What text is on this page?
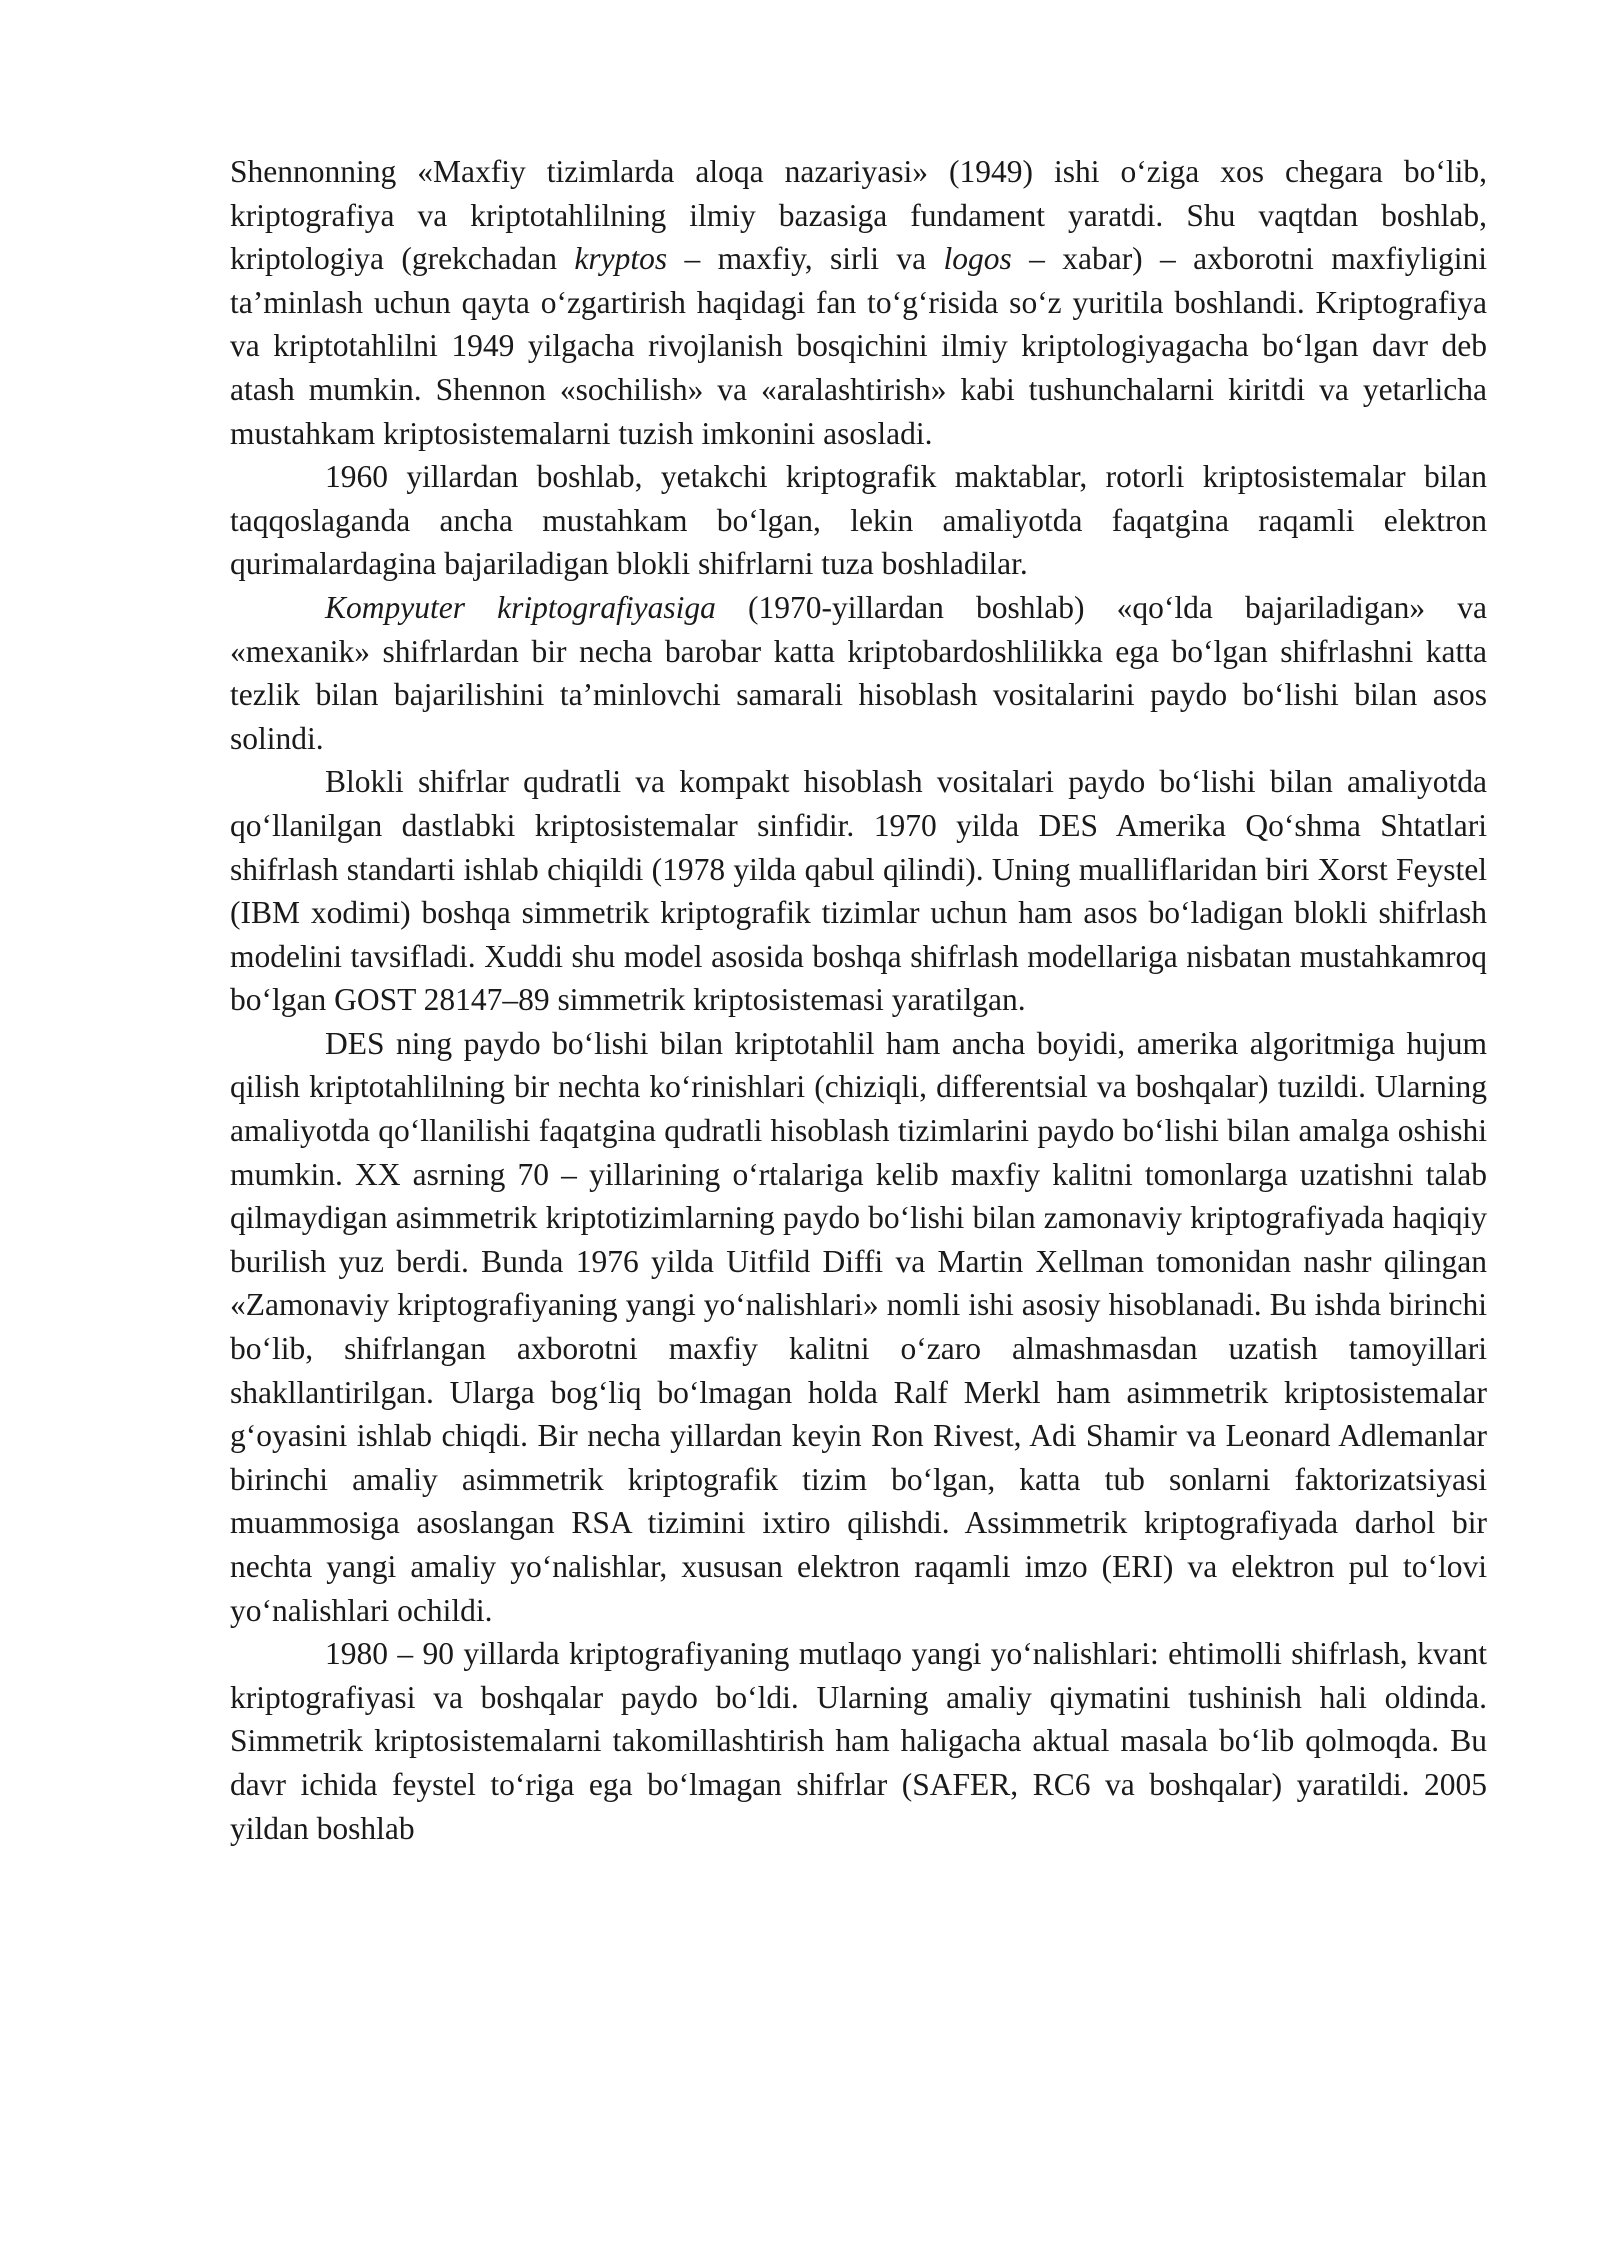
Shennonning «Maxfiy tizimlarda aloqa nazariyasi» (1949) ishi o‘ziga xos chegara bo‘lib, kriptografiya va kriptotahlilning ilmiy bazasiga fundament yaratdi. Shu vaqtdan boshlab, kriptologiya (grekchadan kryptos – maxfiy, sirli va logos – xabar) – axborotni maxfiyligini ta’minlash uchun qayta o‘zgartirish haqidagi fan to‘g‘risida so‘z yuritila boshlandi. Kriptografiya va kriptotahlilni 1949 yilgacha rivojlanish bosqichini ilmiy kriptologiyagacha bo‘lgan davr deb atash mumkin. Shennon «sochilish» va «aralashtirish» kabi tushunchalarni kiritdi va yetarlicha mustahkam kriptosistemalarni tuzish imkonini asosladi.

1960 yillardan boshlab, yetakchi kriptografik maktablar, rotorli kriptosistemalar bilan taqqoslaganda ancha mustahkam bo‘lgan, lekin amaliyotda faqatgina raqamli elektron qurimalardagina bajariladigan blokli shifrlarni tuza boshladilar.

Kompyuter kriptografiyasiga (1970-yillardan boshlab) «qo‘lda bajariladigan» va «mexanik» shifrlardan bir necha barobar katta kriptobardoshlilikka ega bo‘lgan shifrlashni katta tezlik bilan bajarilishini ta’minlovchi samarali hisoblash vositalarini paydo bo‘lishi bilan asos solindi.

Blokli shifrlar qudratli va kompakt hisoblash vositalari paydo bo‘lishi bilan amaliyotda qo‘llanilgan dastlabki kriptosistemalar sinfidir. 1970 yilda DES Amerika Qo‘shma Shtatlari shifrlash standarti ishlab chiqildi (1978 yilda qabul qilindi). Uning mualliflaridan biri Xorst Feystel (IBM xodimi) boshqa simmetrik kriptografik tizimlar uchun ham asos bo‘ladigan blokli shifrlash modelini tavsifladi. Xuddi shu model asosida boshqa shifrlash modellariga nisbatan mustahkamroq bo‘lgan GOST 28147–89 simmetrik kriptosistemasi yaratilgan.

DES ning paydo bo‘lishi bilan kriptotahlil ham ancha boyidi, amerika algoritmiga hujum qilish kriptotahlilning bir nechta ko‘rinishlari (chiziqli, differentsial va boshqalar) tuzildi. Ularning amaliyotda qo‘llanilishi faqatgina qudratli hisoblash tizimlarini paydo bo‘lishi bilan amalga oshishi mumkin. XX asrning 70 – yillarining o‘rtalariga kelib maxfiy kalitni tomonlarga uzatishni talab qilmaydigan asimmetrik kriptotizimlarning paydo bo‘lishi bilan zamonaviy kriptografiyada haqiqiy burilish yuz berdi. Bunda 1976 yilda Uitfild Diffi va Martin Xellman tomonidan nashr qilingan «Zamonaviy kriptografiyaning yangi yo‘nalishlari» nomli ishi asosiy hisoblanadi. Bu ishda birinchi bo‘lib, shifrlangan axborotni maxfiy kalitni o‘zaro almashmasdan uzatish tamoyillari shakllantirilgan. Ularga bog‘liq bo‘lmagan holda Ralf Merkl ham asimmetrik kriptosistemalar g‘oyasini ishlab chiqdi. Bir necha yillardan keyin Ron Rivest, Adi Shamir va Leonard Adlemanlar birinchi amaliy asimmetrik kriptografik tizim bo‘lgan, katta tub sonlarni faktorizatsiyasi muammosiga asoslangan RSA tizimini ixtiro qilishdi. Assimmetrik kriptografiyada darhol bir nechta yangi amaliy yo‘nalishlar, xususan elektron raqamli imzo (ERI) va elektron pul to‘lovi yo‘nalishlari ochildi.

1980 – 90 yillarda kriptografiyaning mutlaqo yangi yo‘nalishlari: ehtimolli shifrlash, kvant kriptografiyasi va boshqalar paydo bo‘ldi. Ularning amaliy qiymatini tushinish hali oldinda. Simmetrik kriptosistemalarni takomillashtirish ham haligacha aktual masala bo‘lib qolmoqda. Bu davr ichida feystel to‘riga ega bo‘lmagan shifrlar (SAFER, RC6 va boshqalar) yaratildi. 2005 yildan boshlab
